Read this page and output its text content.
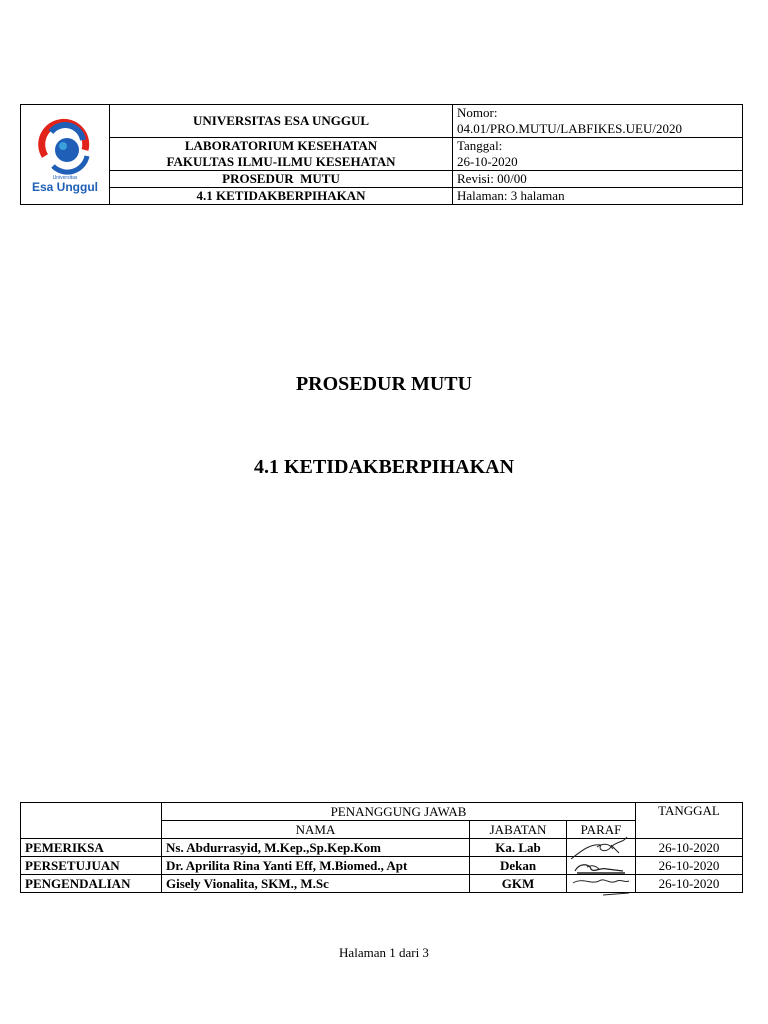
Universitas
Esa Unggul	UNIVERSITAS ESA UNGGUL	Nomor:
04.01/PRO.MUTU/LABFIKES.UEU/2020
	LABORATORIUM KESEHATAN
FAKULTAS ILMU-ILMU KESEHATAN	Tanggal:
26-10-2020
	PROSEDUR  MUTU	Revisi: 00/00
	4.1 KETIDAKBERPIHAKAN	Halaman: 3 halaman
PROSEDUR MUTU
4.1 KETIDAKBERPIHAKAN
	PENANGGUNG JAWAB			TANGGAL
	NAMA	JABATAN	PARAF	
PEMERIKSA	Ns. Abdurrasyid, M.Kep.,Sp.Kep.Kom	Ka. Lab		26-10-2020
PERSETUJUAN	Dr. Aprilita Rina Yanti Eff, M.Biomed., Apt	Dekan		26-10-2020
PENGENDALIAN	Gisely Vionalita, SKM., M.Sc	GKM		26-10-2020
Halaman 1 dari 3
